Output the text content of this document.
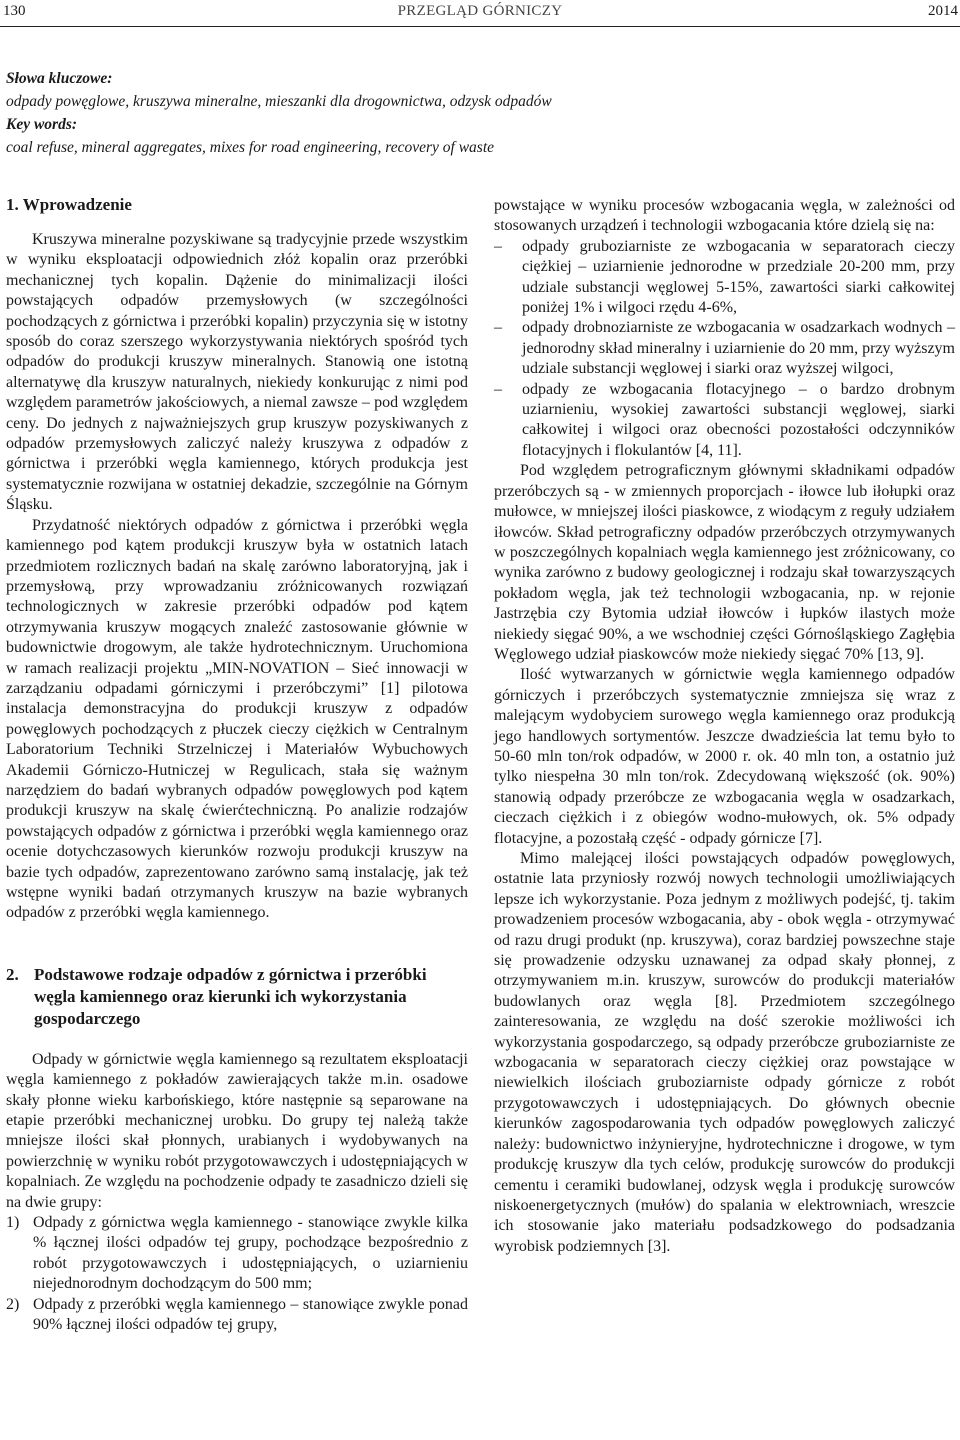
130	PRZEGLĄD GÓRNICZY	2014
Słowa kluczowe:
odpady powęglowe, kruszywa mineralne, mieszanki dla drogownictwa, odzysk odpadów
Key words:
coal refuse, mineral aggregates, mixes for road engineering, recovery of waste
1. Wprowadzenie

Kruszywa mineralne pozyskiwane są tradycyjnie przede wszystkim w wyniku eksploatacji odpowiednich złóż kopalin oraz przeróbki mechanicznej tych kopalin. Dążenie do minimalizacji ilości powstających odpadów przemysłowych (w szczególności pochodzących z górnictwa i przeróbki kopalin) przyczynia się w istotny sposób do coraz szerszego wykorzystywania niektórych spośród tych odpadów do produkcji kruszyw mineralnych. Stanowią one istotną alternatywę dla kruszyw naturalnych, niekiedy konkurując z nimi pod względem parametrów jakościowych, a niemal zawsze – pod względem ceny. Do jednych z najważniejszych grup kruszyw pozyskiwanych z odpadów przemysłowych zaliczyć należy kruszywa z odpadów z górnictwa i przeróbki węgla kamiennego, których produkcja jest systematycznie rozwijana w ostatniej dekadzie, szczególnie na Górnym Śląsku.

Przydatność niektórych odpadów z górnictwa i przeróbki węgla kamiennego pod kątem produkcji kruszyw była w ostatnich latach przedmiotem rozlicznych badań na skalę zarówno laboratoryjną, jak i przemysłową, przy wprowadzaniu zróżnicowanych rozwiązań technologicznych w zakresie przeróbki odpadów pod kątem otrzymywania kruszyw mogących znaleźć zastosowanie głównie w budownictwie drogowym, ale także hydrotechnicznym. Uruchomiona w ramach realizacji projektu „MIN-NOVATION – Sieć innowacji w zarządzaniu odpadami górniczymi i przeróbczymi” [1] pilotowa instalacja demonstracyjna do produkcji kruszyw z odpadów powęglowych pochodzących z płuczek cieczy ciężkich w Centralnym Laboratorium Techniki Strzelniczej i Materiałów Wybuchowych Akademii Górniczo-Hutniczej w Regulicach, stała się ważnym narzędziem do badań wybranych odpadów powęglowych pod kątem produkcji kruszyw na skalę ćwierćtechniczną. Po analizie rodzajów powstających odpadów z górnictwa i przeróbki węgla kamiennego oraz ocenie dotychczasowych kierunków rozwoju produkcji kruszyw na bazie tych odpadów, zaprezentowano zarówno samą instalację, jak też wstępne wyniki badań otrzymanych kruszyw na bazie wybranych odpadów z przeróbki węgla kamiennego.

2. Podstawowe rodzaje odpadów z górnictwa i przeróbki węgla kamiennego oraz kierunki ich wykorzystania gospodarczego

Odpady w górnictwie węgla kamiennego są rezultatem eksploatacji węgla kamiennego z pokładów zawierających także m.in. osadowe skały płonne wieku karbońskiego, które następnie są separowane na etapie przeróbki mechanicznej urobku. Do grupy tej należą także mniejsze ilości skał płonnych, urabianych i wydobywanych na powierzchnię w wyniku robót przygotowawczych i udostępniających w kopalniach. Ze względu na pochodzenie odpady te zasadniczo dzieli się na dwie grupy:

1) Odpady z górnictwa węgla kamiennego - stanowiące zwykle kilka % łącznej ilości odpadów tej grupy, pochodzące bezpośrednio z robót przygotowawczych i udostępniających, o uziarnieniu niejednorodnym dochodzącym do 500 mm;
2) Odpady z przeróbki węgla kamiennego – stanowiące zwykle ponad 90% łącznej ilości odpadów tej grupy,

powstające w wyniku procesów wzbogacania węgla, w zależności od stosowanych urządzeń i technologii wzbogacania które dzielą się na:

–	odpady gruboziarniste ze wzbogacania w separatorach cieczy ciężkiej – uziarnienie jednorodne w przedziale 20-200 mm, przy udziale substancji węglowej 5-15%, zawartości siarki całkowitej poniżej 1% i wilgoci rzędu 4-6%,
–	odpady drobnoziarniste ze wzbogacania w osadzarkach wodnych – jednorodny skład mineralny i uziarnienie do 20 mm, przy wyższym udziale substancji węglowej i siarki oraz wyższej wilgoci,
–	odpady ze wzbogacania flotacyjnego – o bardzo drobnym uziarnieniu, wysokiej zawartości substancji węglowej, siarki całkowitej i wilgoci oraz obecności pozostałości odczynników flotacyjnych i flokulantów [4, 11].

Pod względem petrograficznym głównymi składnikami odpadów przeróbczych są - w zmiennych proporcjach - iłowce lub iłołupki oraz mułowce, w mniejszej ilości piaskowce, z wiodącym z reguły udziałem iłowców. Skład petrograficzny odpadów przeróbczych otrzymywanych w poszczególnych kopalniach węgla kamiennego jest zróżnicowany, co wynika zarówno z budowy geologicznej i rodzaju skał towarzyszących pokładom węgla, jak też technologii wzbogacania, np. w rejonie Jastrzębia czy Bytomia udział iłowców i łupków ilastych może niekiedy sięgać 90%, a we wschodniej części Górnośląskiego Zagłębia Węglowego udział piaskowców może niekiedy sięgać 70% [13, 9].

Ilość wytwarzanych w górnictwie węgla kamiennego odpadów górniczych i przeróbczych systematycznie zmniejsza się wraz z malejącym wydobyciem surowego węgla kamiennego oraz produkcją jego handlowych sortymentów. Jeszcze dwadzieścia lat temu było to 50-60 mln ton/rok odpadów, w 2000 r. ok. 40 mln ton, a ostatnio już tylko niespełna 30 mln ton/rok. Zdecydowaną większość (ok. 90%) stanowią odpady przeróbcze ze wzbogacania węgla w osadzarkach, cieczach ciężkich i z obiegów wodno-mułowych, ok. 5% odpady flotacyjne, a pozostałą część - odpady górnicze [7].

Mimo malejącej ilości powstających odpadów powęglowych, ostatnie lata przyniosły rozwój nowych technologii umożliwiających lepsze ich wykorzystanie. Poza jednym z możliwych podejść, tj. takim prowadzeniem procesów wzbogacania, aby - obok węgla - otrzymywać od razu drugi produkt (np. kruszywa), coraz bardziej powszechne staje się prowadzenie odzysku uznawanej za odpad skały płonnej, z otrzymywaniem m.in. kruszyw, surowców do produkcji materiałów budowlanych oraz węgla [8]. Przedmiotem szczególnego zainteresowania, ze względu na dość szerokie możliwości ich wykorzystania gospodarczego, są odpady przeróbcze gruboziarniste ze wzbogacania w separatorach cieczy ciężkiej oraz powstające w niewielkich ilościach gruboziarniste odpady górnicze z robót przygotowawczych i udostępniających. Do głównych obecnie kierunków zagospodarowania tych odpadów powęglowych zaliczyć należy: budownictwo inżynieryjne, hydrotechniczne i drogowe, w tym produkcję kruszyw dla tych celów, produkcję surowców do produkcji cementu i ceramiki budowlanej, odzysk węgla i produkcję surowców niskoenergetycznych (mułów) do spalania w elektrowniach, wreszcie ich stosowanie jako materiału podsadzkowego do podsadzania wyrobisk podziemnych [3].
